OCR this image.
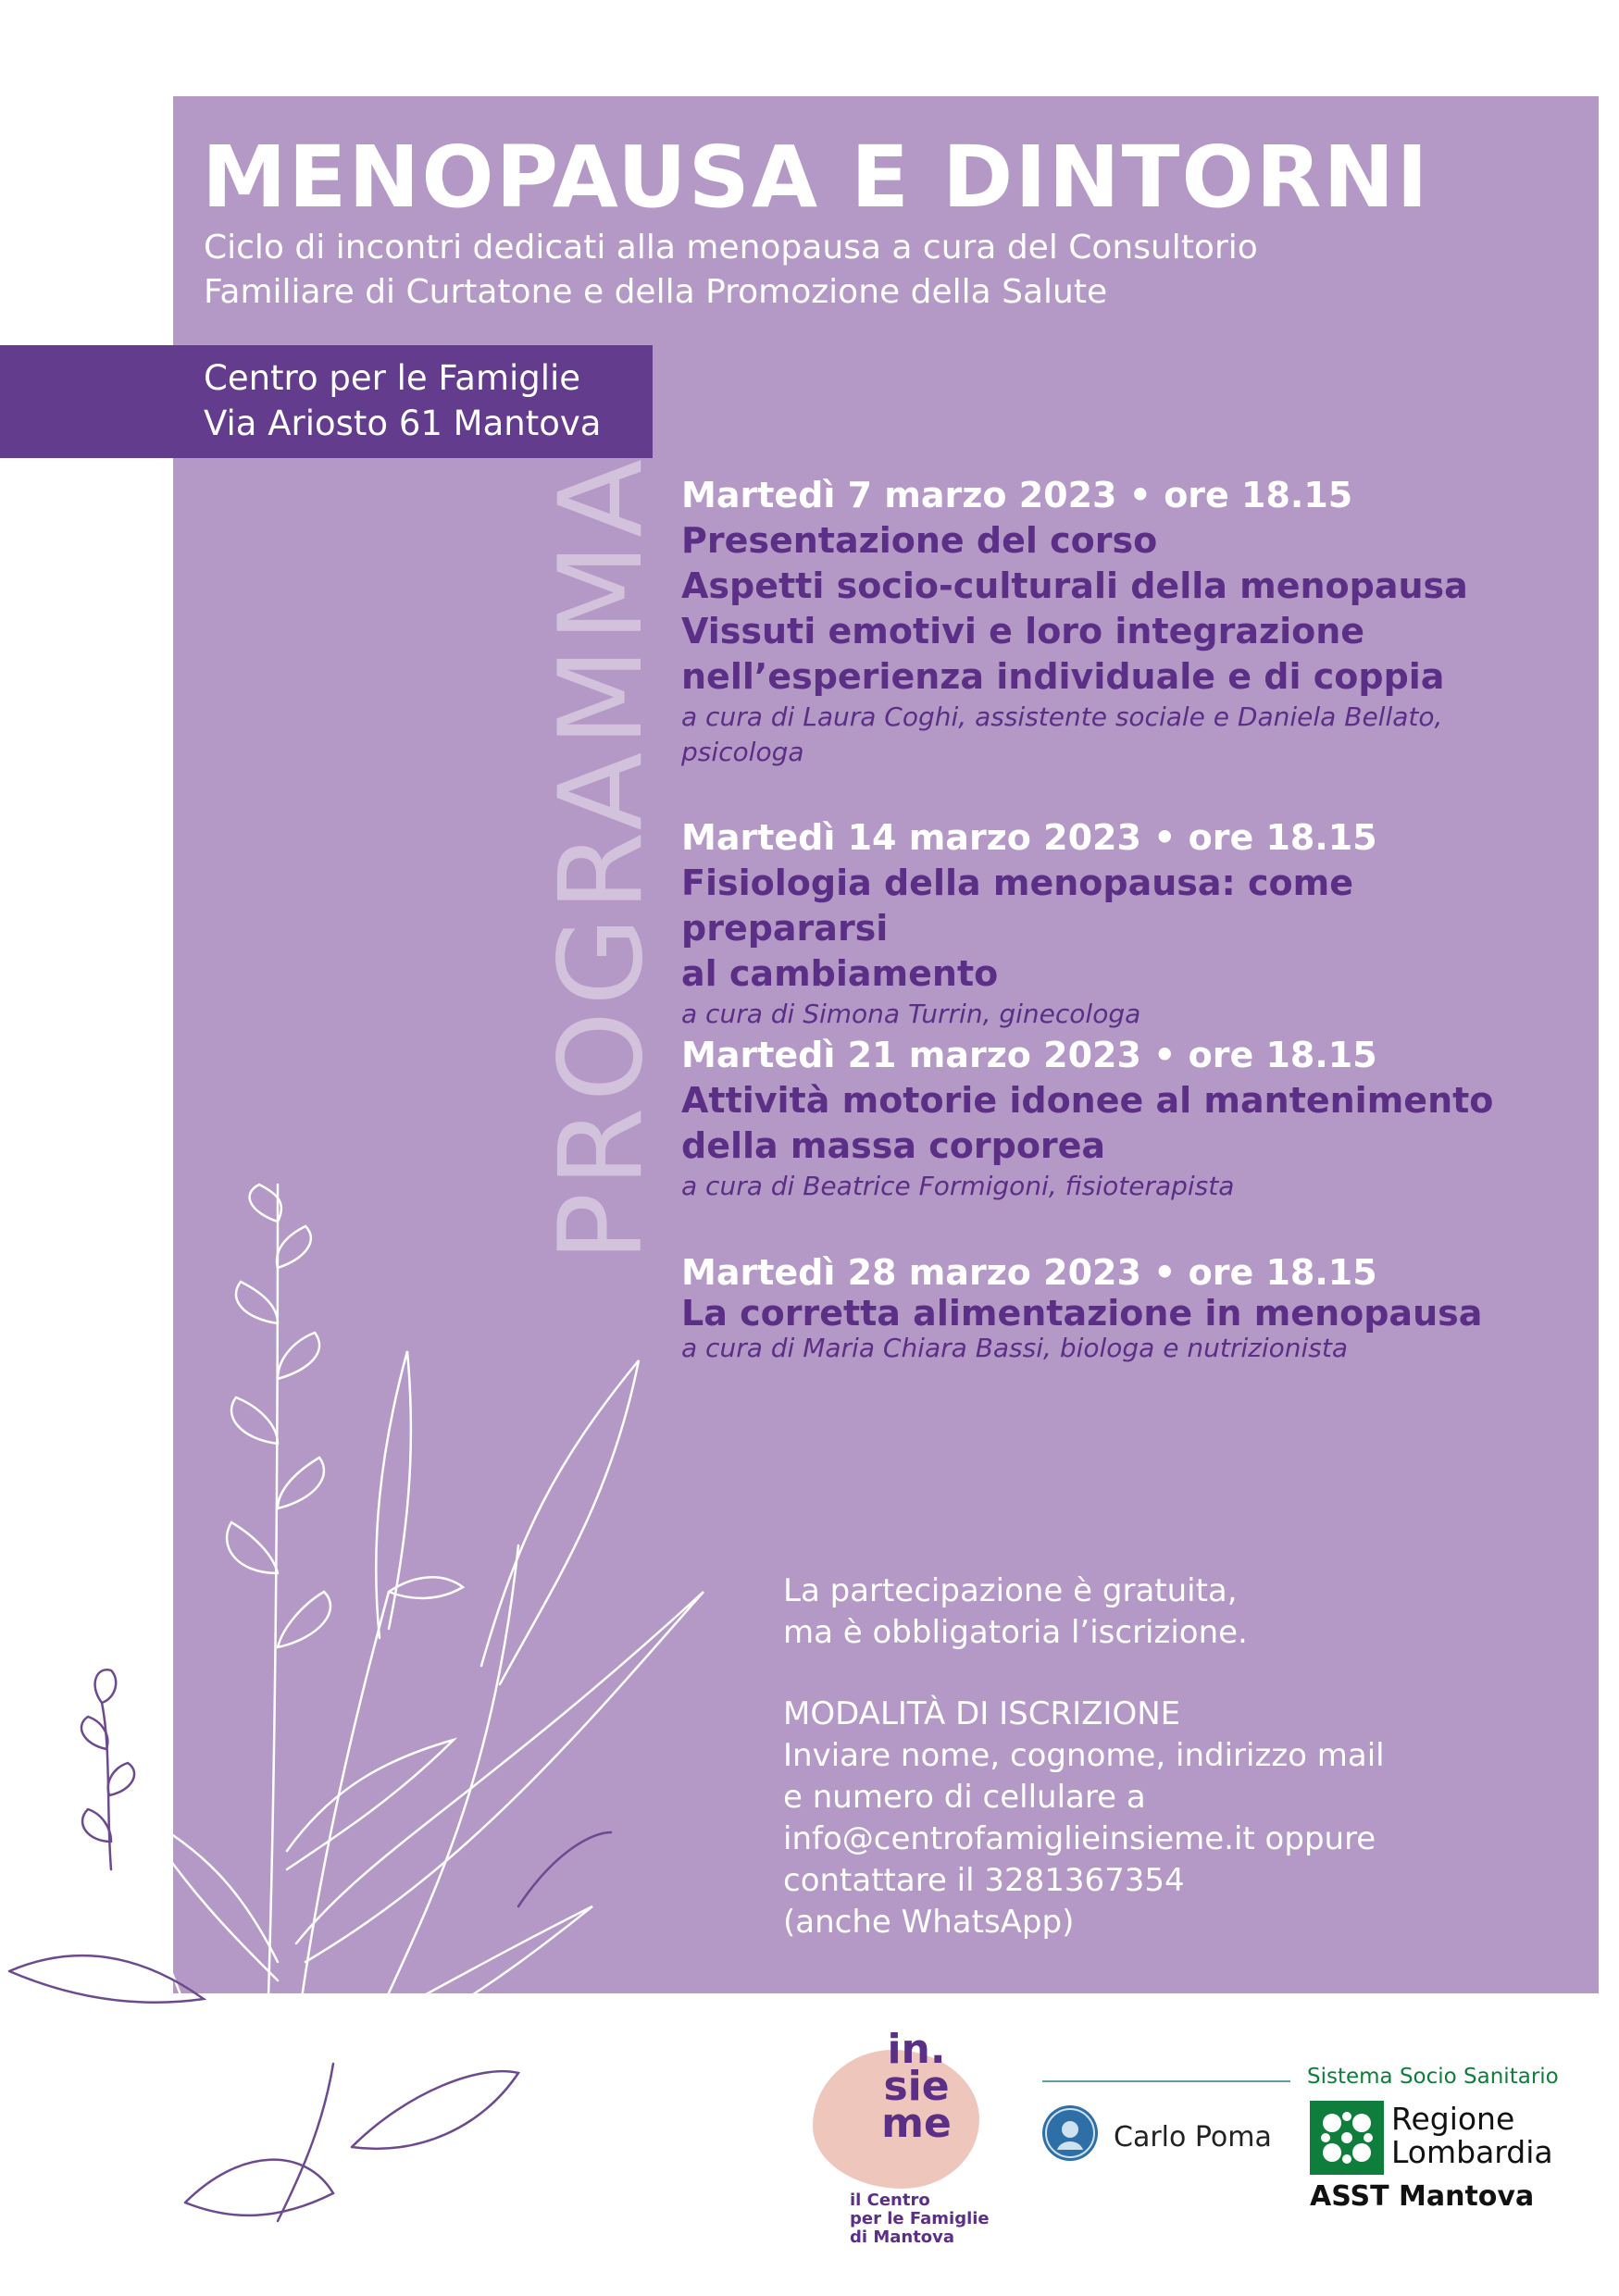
MENOPAUSA E DINTORNI
Ciclo di incontri dedicati alla menopausa a cura del Consultorio
Familiare di Curtatone e della Promozione della Salute
Centro per le Famiglie
Via Ariosto 61 Mantova
PROGRAMMA Martedì 7 marzo 2023 • ore 18.15
Presentazione del corso
Aspetti socio-culturali della menopausa
Vissuti emotivi e loro integrazione
nell’esperienza individuale e di coppia
a cura di Laura Coghi, assistente sociale e Daniela Bellato,
psicologa
Martedì 14 marzo 2023 • ore 18.15
Fisiologia della menopausa: come prepararsi
al cambiamento
a cura di Simona Turrin, ginecologa
Martedì 21 marzo 2023 • ore 18.15
Attività motorie idonee al mantenimento
della massa corporea
a cura di Beatrice Formigoni, fisioterapista
Martedì 28 marzo 2023 • ore 18.15
La corretta alimentazione in menopausa
a cura di Maria Chiara Bassi, biologa e nutrizionista
La partecipazione è gratuita,
ma è obbligatoria l’iscrizione.
MODALITÀ DI ISCRIZIONE
Inviare nome, cognome, indirizzo mail
e numero di cellulare a
info@centrofamiglieinsieme.it oppure
contattare il 3281367354
(anche WhatsApp)
in.
sie
me
il Centro
per le Famiglie
di Mantova
Carlo Poma
Sistema Socio Sanitario
Regione
Lombardia
ASST Mantova
